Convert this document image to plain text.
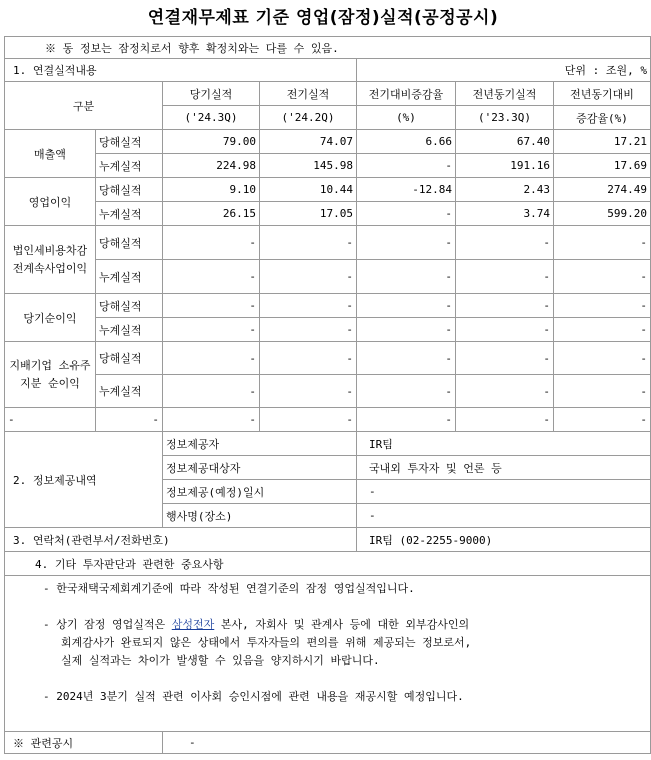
연결재무제표 기준 영업(잠정)실적(공정공시)
※ 동 정보는 잠정치로서 향후 확정치와는 다를 수 있음.						
1. 연결실적내용				단위 : 조원, %		
구분		당기실적	전기실적	전기대비증감율	전년동기실적	전년동기대비
		('24.3Q)	('24.2Q)	(%)	('23.3Q)	증감율(%)
매출액	당해실적	79.00	74.07	6.66	67.40	17.21
	누계실적	224.98	145.98	-	191.16	17.69
영업이익	당해실적	9.10	10.44	-12.84	2.43	274.49
	누계실적	26.15	17.05	-	3.74	599.20
법인세비용차감전계속사업이익	당해실적	-	-	-	-	-
	누계실적	-	-	-	-	-
당기순이익	당해실적	-	-	-	-	-
	누계실적	-	-	-	-	-
지배기업 소유주지분 순이익	당해실적	-	-	-	-	-
	누계실적	-	-	-	-	-
-	-	-	-	-	-	-
2. 정보제공내역		정보제공자		IR팀		
		정보제공대상자		국내외 투자자 및 언론 등		
		정보제공(예정)일시		-		
		행사명(장소)		-		
3. 연락처(관련부서/전화번호)				IR팀 (02-2255-9000)		
4. 기타 투자판단과 관련한 중요사항						

- 한국채택국제회계기준에 따라 작성된 연결기준의 잠정 영업실적입니다.

- 상기 잠정 영업실적은 삼성전자 본사, 자회사 및 관계사 등에 대한 외부감사인의

회계감사가 완료되지 않은 상태에서 투자자들의 편의를 위해 제공되는 정보로서,

실제 실적과는 차이가 발생할 수 있음을 양지하시기 바랍니다.

- 2024년 3분기 실적 관련 이사회 승인시점에 관련 내용을 재공시할 예정입니다.						

※ 관련공시		-				
